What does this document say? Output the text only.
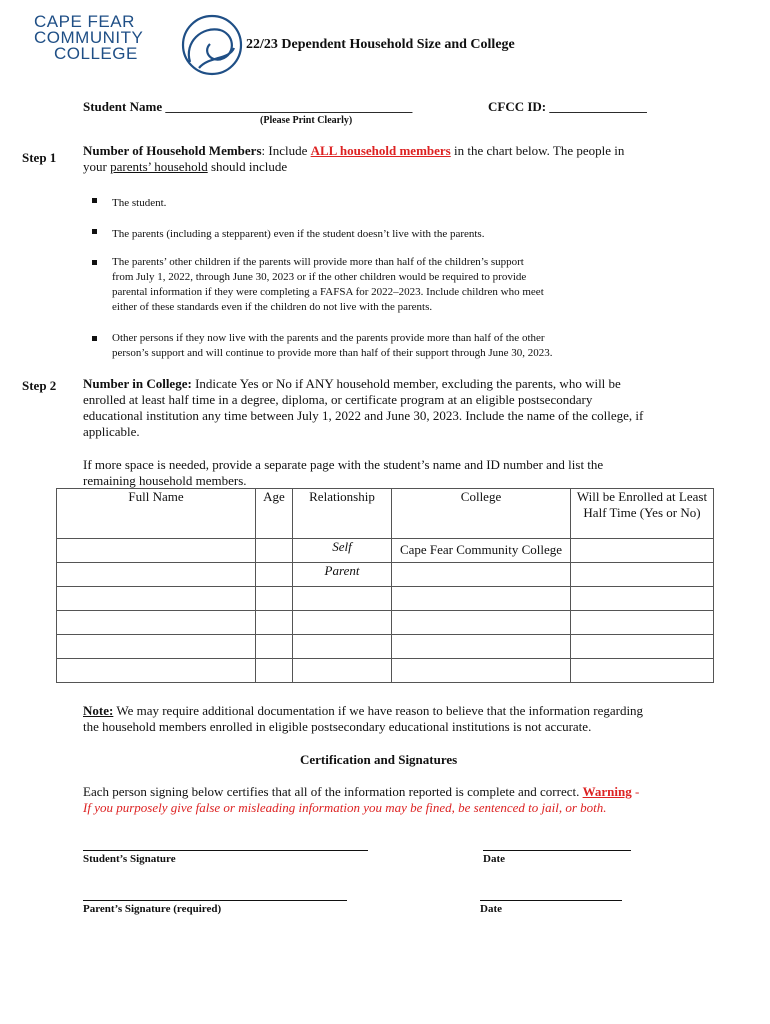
CAPE FEAR
COMMUNITY
COLLEGE	22/23 Dependent Household Size and College
Student Name ______________________________________
(Please Print Clearly)
CFCC ID: _______________
Step 1 Number of Household Members: Include ALL household members in the chart below. The people in
your parents’ household should include
The student.
The parents (including a stepparent) even if the student doesn’t live with the parents.
The parents’ other children if the parents will provide more than half of the children’s support
from July 1, 2022, through June 30, 2023 or if the other children would be required to provide
parental information if they were completing a FAFSA for 2022–2023. Include children who meet
either of these standards even if the children do not live with the parents.
Other persons if they now live with the parents and the parents provide more than half of the other
person’s support and will continue to provide more than half of their support through June 30, 2023.
Step 2 Number in College: Indicate Yes or No if ANY household member, excluding the parents, who will be
enrolled at least half time in a degree, diploma, or certificate program at an eligible postsecondary
educational institution any time between July 1, 2022 and June 30, 2023. Include the name of the college, if
applicable.
If more space is needed, provide a separate page with the student’s name and ID number and list the
remaining household members.
Full Name	Age	Relationship	College	Will be Enrolled at Least Half Time (Yes or No)
		Self	Cape Fear Community College	
		Parent		

Note: We may require additional documentation if we have reason to believe that the information regarding
the household members enrolled in eligible postsecondary educational institutions is not accurate.
Certification and Signatures
Each person signing below certifies that all of the information reported is complete and correct. Warning -
If you purposely give false or misleading information you may be fined, be sentenced to jail, or both.
Student’s Signature	Date
Parent’s Signature (required)	Date
